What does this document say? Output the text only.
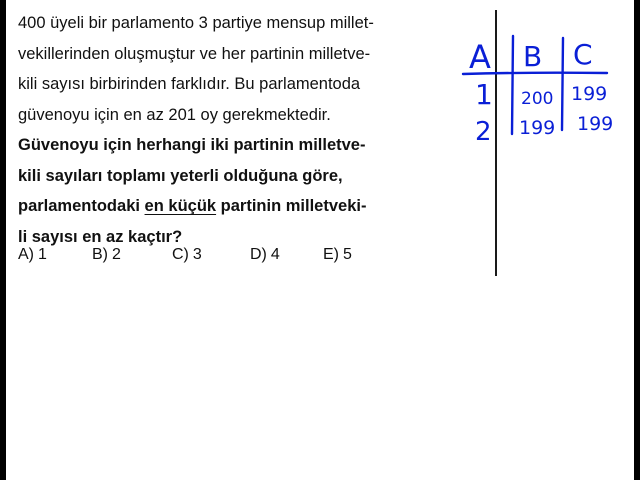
400 üyeli bir parlamento 3 partiye mensup millet-
vekillerinden oluşmuştur ve her partinin milletve-
kili sayısı birbirinden farklıdır. Bu parlamentoda
güvenoyu için en az 201 oy gerekmektedir.

Güvenoyu için herhangi iki partinin milletve-
kili sayıları toplamı yeterli olduğuna göre,
parlamentodaki en küçük partinin milletveki-
li sayısı en az kaçtır?

A) 1	B) 2	C) 3	D) 4	E) 5
A B C
1 200 199
2 199 199
